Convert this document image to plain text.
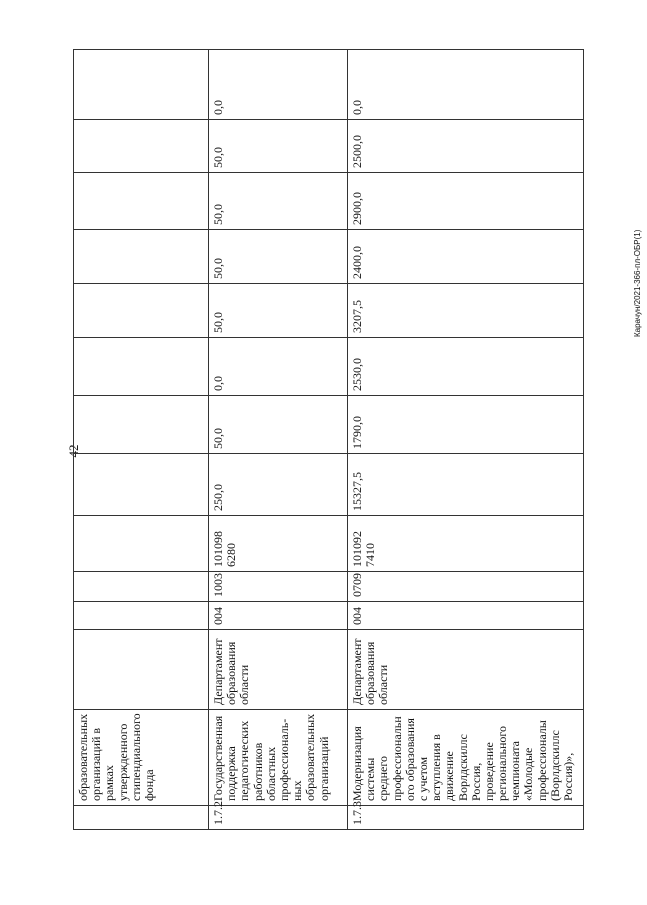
42
Карачун/2021-366-пл-ОБР(1)
	образовательных организаций в рамках утвержденного стипендиального фонда												
1.7.2	Государственная поддержка педагогических работников областных профессиональ-ных образовательных организаций	Департамент образования области	004	1003	101098 6280	250,0	50,0	0,0	50,0	50,0	50,0	50,0	0,0
1.7.3	Модернизация системы среднего профессиональн ого образования с учетом вступления в движение Ворлдскиллс Россия, проведение регионального чемпионата «Молодые профессионалы (Ворлдскиллс Россия)»,	Департамент образования области	004	0709	101092 7410	15327,5	1790,0	2530,0	3207,5	2400,0	2900,0	2500,0	0,0
